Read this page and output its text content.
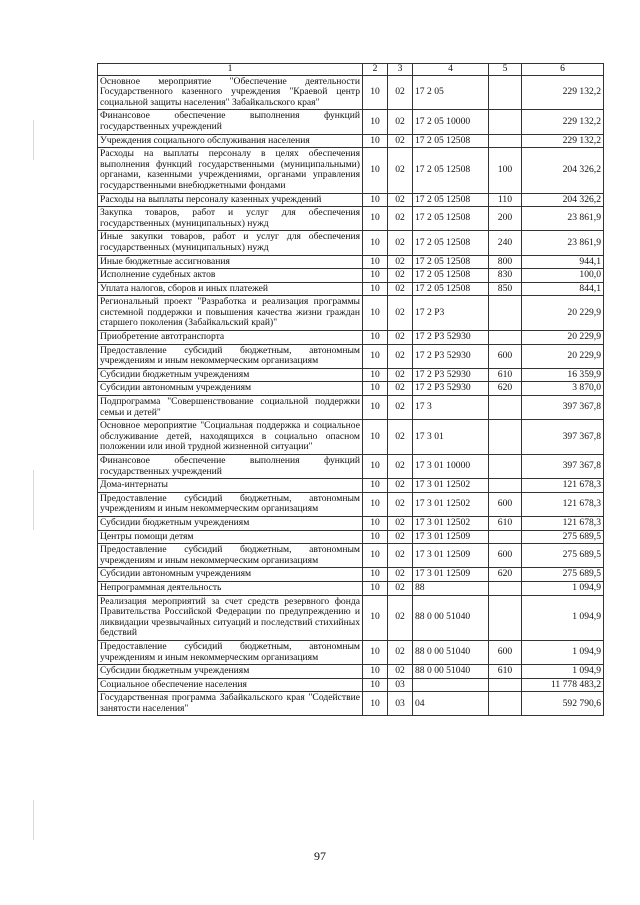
1	2	3	4	5	6
Основное мероприятие "Обеспечение деятельности Государственного казенного учреждения "Краевой центр социальной защиты населения" Забайкальского края"	10	02	17 2 05		229 132,2
Финансовое обеспечение выполнения функций государственных учреждений	10	02	17 2 05 10000		229 132,2
Учреждения социального обслуживания населения	10	02	17 2 05 12508		229 132,2
Расходы на выплаты персоналу в целях обеспечения выполнения функций государственными (муниципальными) органами, казенными учреждениями, органами управления государственными внебюджетными фондами	10	02	17 2 05 12508	100	204 326,2
Расходы на выплаты персоналу казенных учреждений	10	02	17 2 05 12508	110	204 326,2
Закупка товаров, работ и услуг для обеспечения государственных (муниципальных) нужд	10	02	17 2 05 12508	200	23 861,9
Иные закупки товаров, работ и услуг для обеспечения государственных (муниципальных) нужд	10	02	17 2 05 12508	240	23 861,9
Иные бюджетные ассигнования	10	02	17 2 05 12508	800	944,1
Исполнение судебных актов	10	02	17 2 05 12508	830	100,0
Уплата налогов, сборов и иных платежей	10	02	17 2 05 12508	850	844,1
Региональный проект "Разработка и реализация программы системной поддержки и повышения качества жизни граждан старшего поколения (Забайкальский край)"	10	02	17 2 P3		20 229,9
Приобретение автотранспорта	10	02	17 2 P3 52930		20 229,9
Предоставление субсидий бюджетным, автономным учреждениям и иным некоммерческим организациям	10	02	17 2 P3 52930	600	20 229,9
Субсидии бюджетным учреждениям	10	02	17 2 P3 52930	610	16 359,9
Субсидии автономным учреждениям	10	02	17 2 P3 52930	620	3 870,0
Подпрограмма "Совершенствование социальной поддержки семьи и детей"	10	02	17 3		397 367,8
Основное мероприятие "Социальная поддержка и социальное обслуживание детей, находящихся в социально опасном положении или иной трудной жизненной ситуации"	10	02	17 3 01		397 367,8
Финансовое обеспечение выполнения функций государственных учреждений	10	02	17 3 01 10000		397 367,8
Дома-интернаты	10	02	17 3 01 12502		121 678,3
Предоставление субсидий бюджетным, автономным учреждениям и иным некоммерческим организациям	10	02	17 3 01 12502	600	121 678,3
Субсидии бюджетным учреждениям	10	02	17 3 01 12502	610	121 678,3
Центры помощи детям	10	02	17 3 01 12509		275 689,5
Предоставление субсидий бюджетным, автономным учреждениям и иным некоммерческим организациям	10	02	17 3 01 12509	600	275 689,5
Субсидии автономным учреждениям	10	02	17 3 01 12509	620	275 689,5
Непрограммная деятельность	10	02	88		1 094,9
Реализация мероприятий за счет средств резервного фонда Правительства Российской Федерации по предупреждению и ликвидации чрезвычайных ситуаций и последствий стихийных бедствий	10	02	88 0 00 51040		1 094,9
Предоставление субсидий бюджетным, автономным учреждениям и иным некоммерческим организациям	10	02	88 0 00 51040	600	1 094,9
Субсидии бюджетным учреждениям	10	02	88 0 00 51040	610	1 094,9
Социальное обеспечение населения	10	03			11 778 483,2
Государственная программа Забайкальского края "Содействие занятости населения"	10	03	04		592 790,6
97
